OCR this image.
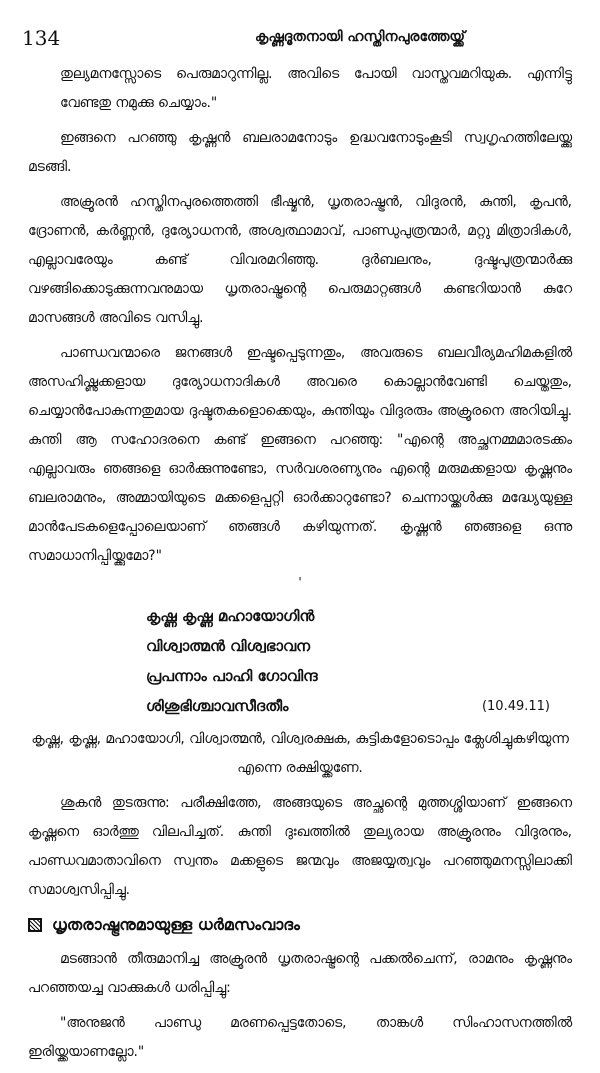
134	കൃഷ്ണദൂതനായി ഹസ്തിനപുരത്തേയ്ക്ക്

തുല്യമനസ്സോടെ പെരുമാറുന്നില്ല. അവിടെ പോയി വാസ്തവമറിയുക. എന്നിട്ടു വേണ്ടതു നമുക്കു ചെയ്യാം."

ഇങ്ങനെ പറഞ്ഞു കൃഷ്ണൻ ബലരാമനോടും ഉദ്ധവനോടുംകൂടി സ്വഗൃഹത്തിലേയ്ക്കു മടങ്ങി.

അക്രൂരൻ ഹസ്തിനപുരത്തെത്തി ഭീഷ്മൻ, ധൃതരാഷ്ട്രൻ, വിദുരൻ, കുന്തി, കൃപൻ, ദ്രോണൻ, കർണ്ണൻ, ദുര്യോധനൻ, അശ്വത്ഥാമാവ്, പാണ്ഡുപുത്രന്മാർ, മറ്റു മിത്രാദികൾ, എല്ലാവരേയും കണ്ട് വിവരമറിഞ്ഞു. ദുർബലനും, ദുഷ്ടപുത്രന്മാർക്കു വഴങ്ങിക്കൊടുക്കുന്നവനുമായ ധൃതരാഷ്ട്രന്റെ പെരുമാറ്റങ്ങൾ കണ്ടറിയാൻ കുറേ മാസങ്ങൾ അവിടെ വസിച്ചു.

പാണ്ഡവന്മാരെ ജനങ്ങൾ ഇഷ്ടപ്പെടുന്നതും, അവരുടെ ബലവീര്യമഹിമകളിൽ അസഹിഷ്ണുക്കളായ ദുര്യോധനാദികൾ അവരെ കൊല്ലാൻവേണ്ടി ചെയ്തതും, ചെയ്യാൻപോകുന്നതുമായ ദുഷ്ടതകളൊക്കെയും, കുന്തിയും വിദുരരും അക്രൂരനെ അറിയിച്ചു. കുന്തി ആ സഹോദരനെ കണ്ട് ഇങ്ങനെ പറഞ്ഞു: "എന്റെ അച്ഛനമ്മമാരടക്കം എല്ലാവരും ഞങ്ങളെ ഓർക്കുന്നുണ്ടോ, സർവശരണ്യനും എന്റെ മരുമക്കളായ കൃഷ്ണനും ബലരാമനും, അമ്മായിയുടെ മക്കളെപ്പറ്റി ഓർക്കാറുണ്ടോ? ചെന്നായ്ക്കൾക്കു മദ്ധ്യേയുള്ള മാൻപേടകളെപ്പോലെയാണ് ഞങ്ങൾ കഴിയുന്നത്. കൃഷ്ണൻ ഞങ്ങളെ ഒന്നു സമാധാനിപ്പിയ്ക്കുമോ?"

'
കൃഷ്ണ കൃഷ്ണ മഹായോഗിൻ
വിശ്വാത്മൻ വിശ്വഭാവന
പ്രപന്നാം പാഹി ഗോവിന്ദ
ശിശുഭിശ്ചാവസീദതീം	(10.49.11)

കൃഷ്ണ, കൃഷ്ണ, മഹായോഗി, വിശ്വാത്മൻ, വിശ്വരക്ഷക, കുട്ടികളോടൊപ്പം ക്ലേശിച്ചുകഴിയുന്ന എന്നെ രക്ഷിയ്ക്കണേ.

ശുകൻ തുടരുന്നു: പരീക്ഷിത്തേ, അങ്ങയുടെ അച്ഛന്റെ മുത്തശ്ശിയാണ് ഇങ്ങനെ കൃഷ്ണനെ ഓർത്തു വിലപിച്ചത്. കുന്തി ദുഃഖത്തിൽ തുല്യരായ അക്രൂരനും വിദുരനും, പാണ്ഡവമാതാവിനെ സ്വന്തം മക്കളുടെ ജന്മവും അജയ്യത്വവും പറഞ്ഞുമനസ്സിലാക്കി സമാശ്വസിപ്പിച്ചു.

ധൃതരാഷ്ട്രനുമായുള്ള ധർമസംവാദം

മടങ്ങാൻ തീരുമാനിച്ച അക്രൂരൻ ധൃതരാഷ്ട്രന്റെ പക്കൽചെന്ന്, രാമനും കൃഷ്ണനും പറഞ്ഞയച്ച വാക്കുകൾ ധരിപ്പിച്ചു:

"അനുജൻ പാണ്ഡു മരണപ്പെട്ടതോടെ, താങ്കൾ സിംഹാസനത്തിൽ ഇരിയ്ക്കയാണല്ലോ."
